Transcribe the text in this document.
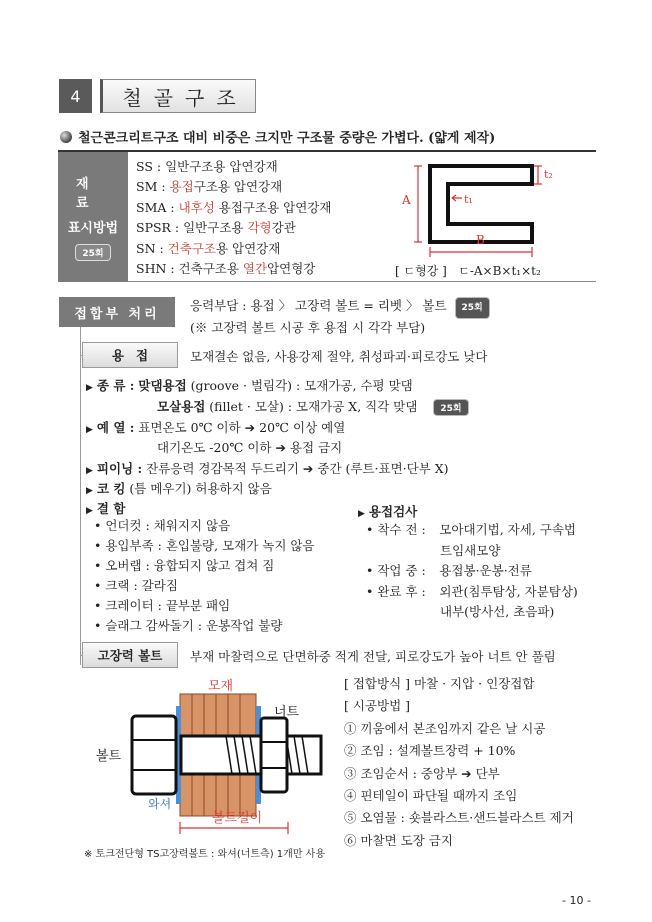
4	철골구조
철근콘크리트구조 대비 비중은 크지만 구조물 중량은 가볍다. (얇게 제작)
재료
표시방법
25회
SS : 일반구조용 압연강재
SM : 용접구조용 압연강재
SMA : 내후성 용접구조용 압연강재
SPSR : 일반구조용 각형강관
SN : 건축구조용 압연강재
SHN : 건축구조용 열간압연형강
A
B
t₁
t₂
[ ㄷ형강 ] ㄷ-A×B×t₁×t₂
접합부 처리
응력부담 : 용접 〉 고장력 볼트 = 리벳 〉 볼트 25회
(※ 고장력 볼트 시공 후 용접 시 각각 부담)
용접	모재결손 없음, 사용강제 절약, 취성파괴·피로강도 낮다
▶ 종 류 : 맞댐용접 (groove · 벌림각) : 모재가공, 수평 맞댐
모살용접 (fillet · 모살) : 모재가공 X, 직각 맞댐	25회
▶ 예 열 : 표면온도 0℃ 이하 ➔ 20℃ 이상 예열
대기온도 -20℃ 이하 ➔ 용접 금지
▶ 피이닝 : 잔류응력 경감목적 두드리기 ➔ 중간 (루트·표면·단부 X)
▶ 코 킹 (틈 메우기) 허용하지 않음
▶ 결 함
• 언더컷 : 채워지지 않음
• 용입부족 : 혼입불량, 모재가 녹지 않음
• 오버랩 : 융합되지 않고 겹쳐 짐
• 크랙 : 갈라짐
• 크레이터 : 끝부분 패임
• 슬래그 감싸돌기 : 운봉작업 불량
▶ 용접검사
• 착수 전 : 모아대기법, 자세, 구속법
트임새모양
• 작업 중 : 용접봉·운봉·전류
• 완료 후 : 외관(침투탐상, 자분탐상)
내부(방사선, 초음파)
고장력 볼트	부재 마찰력으로 단면하중 적게 전달, 피로강도가 높아 너트 안 풀림
모재
너트
볼트
와셔
볼트길이
※ 토크전단형 TS고장력볼트 : 와셔(너트측) 1개만 사용
[ 접합방식 ] 마찰 · 지압 · 인장접합
[ 시공방법 ]
① 끼움에서 본조임까지 같은 날 시공
② 조임 : 설계볼트장력 + 10%
③ 조임순서 : 중앙부 ➔ 단부
④ 핀테일이 파단될 때까지 조임
⑤ 오염물 : 숏블라스트·샌드블라스트 제거
⑥ 마찰면 도장 금지
- 10 -
